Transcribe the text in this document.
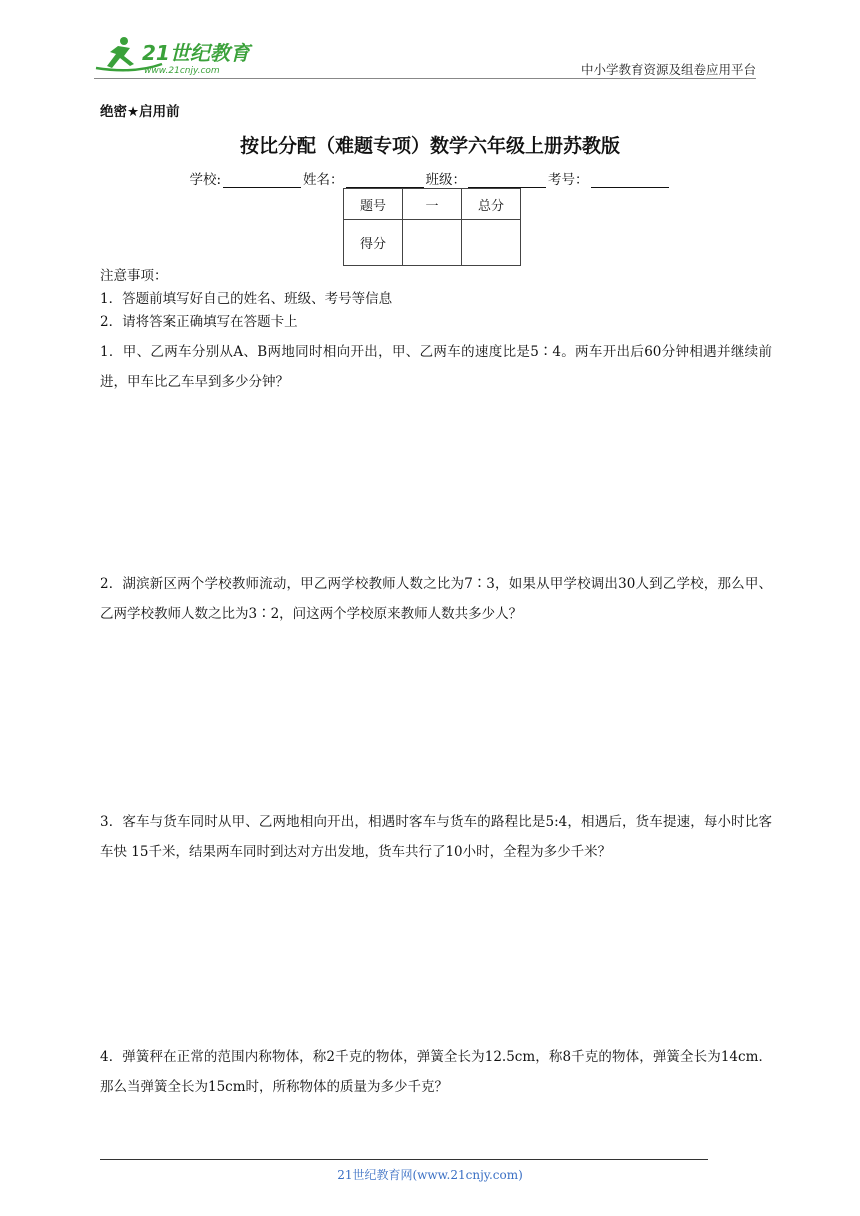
21世纪教育
www.21cnjy.com	中小学教育资源及组卷应用平台
绝密★启用前
按比分配（难题专项）数学六年级上册苏教版
学校:	姓名：	班级：	考号：
题号	一	总分
得分		
注意事项：
1．答题前填写好自己的姓名、班级、考号等信息
2．请将答案正确填写在答题卡上
1．甲、乙两车分别从A、B两地同时相向开出，甲、乙两车的速度比是5∶4。两车开出后60分钟相遇并继续前进，甲车比乙车早到多少分钟？
2．湖滨新区两个学校教师流动，甲乙两学校教师人数之比为7∶3，如果从甲学校调出30人到乙学校，那么甲、乙两学校教师人数之比为3∶2，问这两个学校原来教师人数共多少人？
3．客车与货车同时从甲、乙两地相向开出，相遇时客车与货车的路程比是5:4，相遇后，货车提速，每小时比客车快 15千米，结果两车同时到达对方出发地，货车共行了10小时，全程为多少千米？
4．弹簧秤在正常的范围内称物体，称2千克的物体，弹簧全长为12.5cm，称8千克的物体，弹簧全长为14cm．那么当弹簧全长为15cm时，所称物体的质量为多少千克？
21世纪教育网(www.21cnjy.com)
